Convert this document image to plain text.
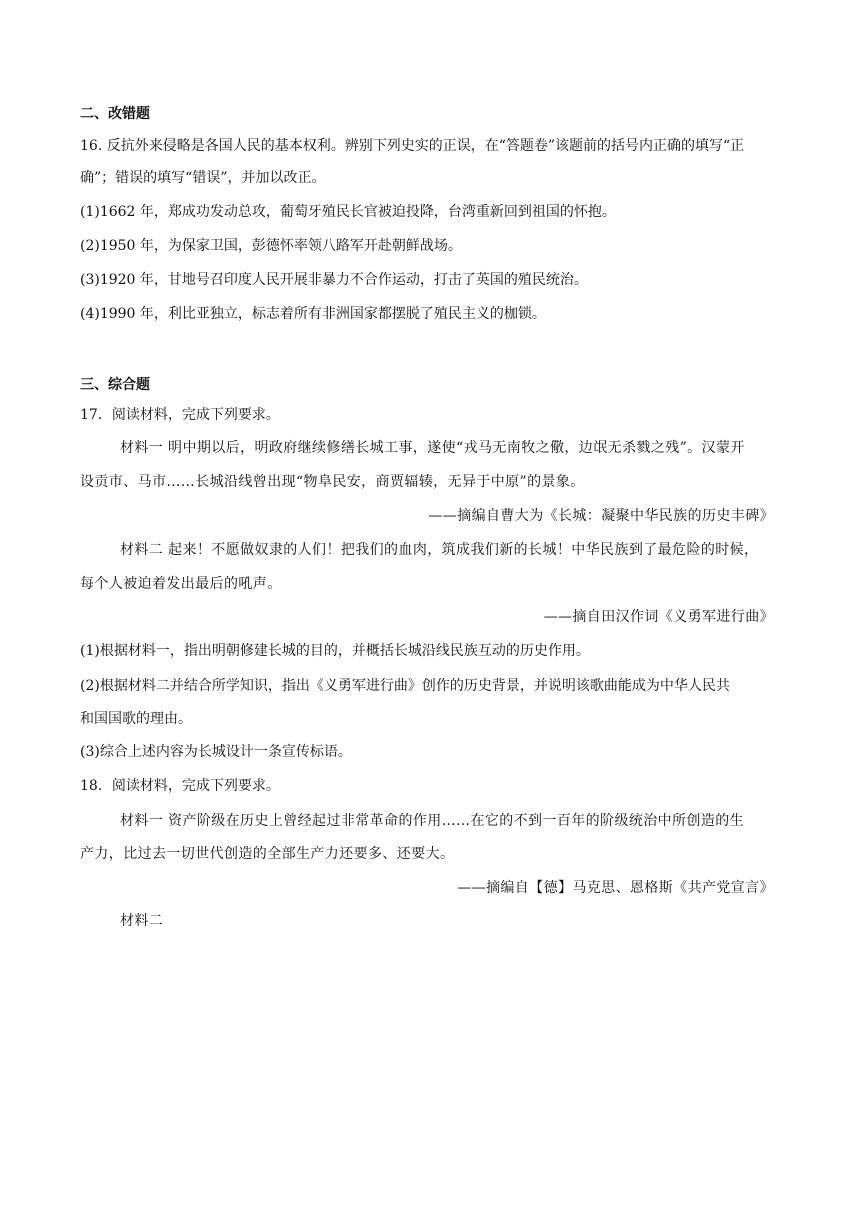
二、改错题

16. 反抗外来侵略是各国人民的基本权利。辨别下列史实的正误，在“答题卷”该题前的括号内正确的填写“正

确”；错误的填写“错误”，并加以改正。

(1)1662 年，郑成功发动总攻，葡萄牙殖民长官被迫投降，台湾重新回到祖国的怀抱。

(2)1950 年，为保家卫国，彭德怀率领八路军开赴朝鲜战场。

(3)1920 年，甘地号召印度人民开展非暴力不合作运动，打击了英国的殖民统治。

(4)1990 年，利比亚独立，标志着所有非洲国家都摆脱了殖民主义的枷锁。

三、综合题

17．阅读材料，完成下列要求。

材料一 明中期以后，明政府继续修缮长城工事，遂使“戎马无南牧之儆，边氓无杀戮之残”。汉蒙开

设贡市、马市……长城沿线曾出现“物阜民安，商贾辐辏，无异于中原”的景象。

——摘编自曹大为《长城：凝聚中华民族的历史丰碑》

材料二 起来！不愿做奴隶的人们！把我们的血肉，筑成我们新的长城！中华民族到了最危险的时候，

每个人被迫着发出最后的吼声。

——摘自田汉作词《义勇军进行曲》

(1)根据材料一，指出明朝修建长城的目的，并概括长城沿线民族互动的历史作用。

(2)根据材料二并结合所学知识，指出《义勇军进行曲》创作的历史背景，并说明该歌曲能成为中华人民共

和国国歌的理由。

(3)综合上述内容为长城设计一条宣传标语。

18．阅读材料，完成下列要求。

材料一 资产阶级在历史上曾经起过非常革命的作用……在它的不到一百年的阶级统治中所创造的生

产力，比过去一切世代创造的全部生产力还要多、还要大。

——摘编自【德】马克思、恩格斯《共产党宣言》

材料二
